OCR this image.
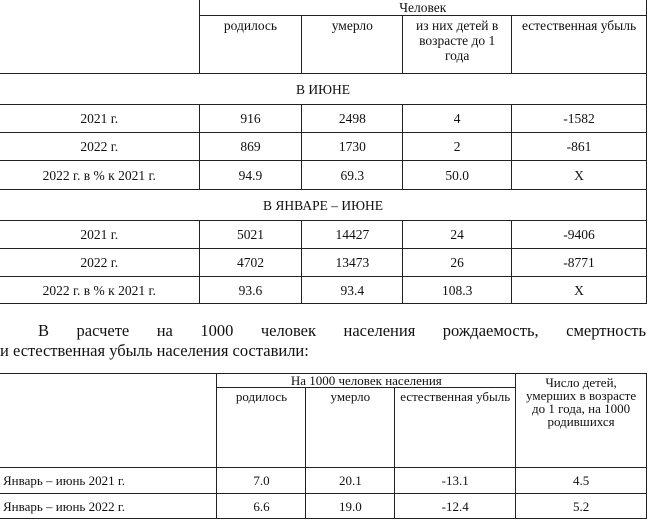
	Человек			
	родилось	умерло	из них детей в возрасте до 1 года	естественная убыль
В ИЮНЕ				
2021 г.	916	2498	4	-1582
2022 г.	869	1730	2	-861
2022 г. в % к 2021 г.	94.9	69.3	50.0	Х
В ЯНВАРЕ – ИЮНЕ				
2021 г.	5021	14427	24	-9406
2022 г.	4702	13473	26	-8771
2022 г. в % к 2021 г.	93.6	93.4	108.3	Х
В расчете на 1000 человек населения рождаемость, смертность
и естественная убыль населения составили:
	На 1000 человек населения			Число детей, умерших в возрасте до 1 года, на 1000 родившихся
	родилось	умерло	естественная убыль	
Январь – июнь 2021 г.	7.0	20.1	-13.1	4.5
Январь – июнь 2022 г.	6.6	19.0	-12.4	5.2
